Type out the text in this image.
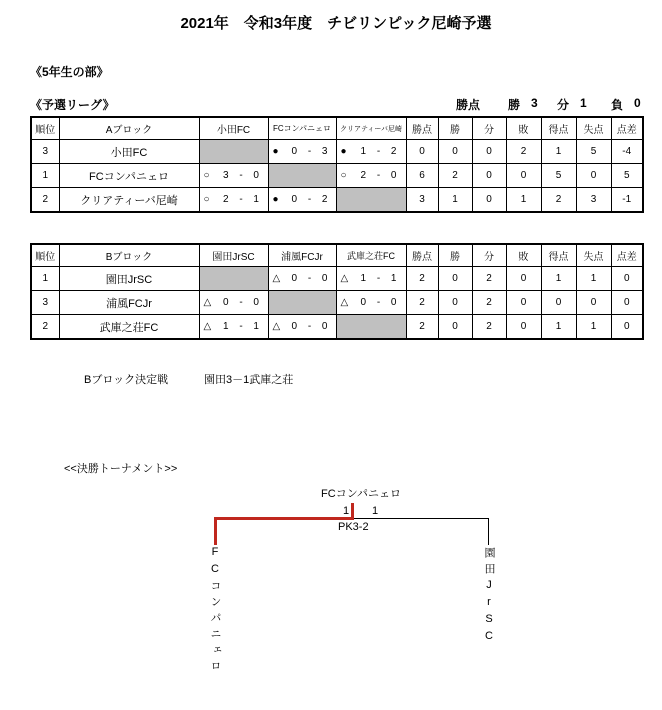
2021年　令和3年度　チビリンピック尼崎予選
《5年生の部》
《予選リーグ》	勝点 勝 3 分 1 負 0
順位	Aブロック	小田FC	FCコンパニェロ	クリアティーバ尼崎	勝点	勝	分	敗	得点	失点	点差
3	小田FC		● 0 - 3	● 1 - 2	0	0	0	2	1	5	-4
1	FCコンパニェロ	○ 3 - 0		○ 2 - 0	6	2	0	0	5	0	5
2	クリアティーバ尼崎	○ 2 - 1	● 0 - 2		3	1	0	1	2	3	-1
順位	Bブロック	園田JrSC	浦風FCJr	武庫之荘FC	勝点	勝	分	敗	得点	失点	点差
1	園田JrSC		△ 0 - 0	△ 1 - 1	2	0	2	0	1	1	0
3	浦風FCJr	△ 0 - 0		△ 0 - 0	2	0	2	0	0	0	0
2	武庫之荘FC	△ 1 - 1	△ 0 - 0		2	0	2	0	1	1	0
Bブロック決定戦	園田3－1武庫之荘
<<決勝トーナメント>>
FCコンパニェロ
1 1
PK3-2
FCコンパニェロ	園田JrSC
